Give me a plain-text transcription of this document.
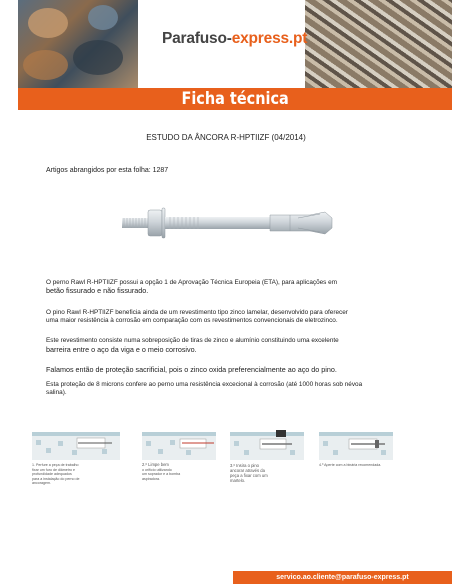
Parafuso-express.pt
Ficha técnica
ESTUDO DA ÂNCORA R-HPTIIZF (04/2014)
Artigos abrangidos por esta folha: 1287
O perno Rawl R-HPTIIZF possui a opção 1 de Aprovação Técnica Europeia (ETA), para aplicações em
betão fissurado e não fissurado.
O pino Rawl R-HPTIIZF beneficia ainda de um revestimento tipo zinco lamelar, desenvolvido para oferecer
uma maior resistência à corrosão em comparação com os revestimentos convencionais de eletrozinco.
Este revestimento consiste numa sobreposição de tiras de zinco e alumínio constituindo uma excelente
barreira entre o aço da viga e o meio corrosivo.
Falamos então de proteção sacrificial, pois o zinco oxida preferencialmente ao aço do pino.
Esta proteção de 8 microns confere ao perno uma resistência excecional à corrosão (até 1000 horas sob névoa
salina).
1. Perfure a peça de trabalho
fixar um furo de diâmetro e
profundidade adequados
para a instalação do perno de
ancoragem.
2.º Limpe bem
o orifício utilizando
um soprador e a bomba
aspiradora.
3.º Insira o pino
ancorar através da
peça a fixar com um
martelo.
4.º Aperte com a binária recomendada.
servico.ao.cliente@parafuso-express.pt
